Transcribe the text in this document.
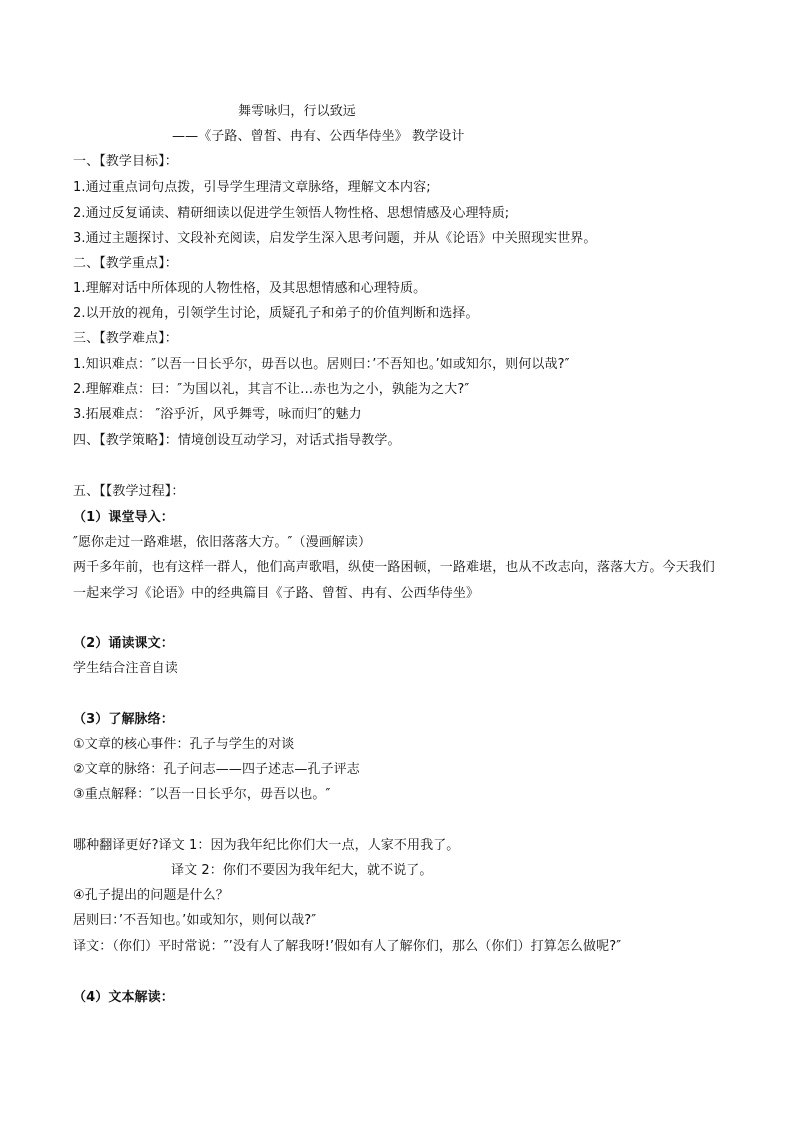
舞雩咏归，行以致远
——《子路、曾皙、冉有、公西华侍坐》 教学设计
一、【教学目标】：
1.通过重点词句点拨，引导学生理清文章脉络，理解文本内容;
2.通过反复诵读、精研细读以促进学生领悟人物性格、思想情感及心理特质;
3.通过主题探讨、文段补充阅读，启发学生深入思考问题，并从《论语》中关照现实世界。
二、【教学重点】：
1.理解对话中所体现的人物性格，及其思想情感和心理特质。
2.以开放的视角，引领学生讨论，质疑孔子和弟子的价值判断和选择。
三、【教学难点】：
1.知识难点：″以吾一日长乎尔，毋吾以也。居则曰：’不吾知也。’如或知尔，则何以哉?″
2.理解难点：曰：″为国以礼，其言不让…赤也为之小，孰能为之大?″
3.拓展难点： ″浴乎沂，风乎舞雩，咏而归″的魅力
四、【教学策略】：情境创设互动学习，对话式指导教学。
五、【【教学过程】：
（1）课堂导入：
″愿你走过一路难堪，依旧落落大方。″（漫画解读）
两千多年前，也有这样一群人，他们高声歌唱，纵使一路困顿，一路难堪，也从不改志向，落落大方。今天我们一起来学习《论语》中的经典篇目《子路、曾皙、冉有、公西华侍坐》
（2）诵读课文：
学生结合注音自读
（3）了解脉络：
①文章的核心事件：孔子与学生的对谈
②文章的脉络：孔子问志——四子述志—孔子评志
③重点解释：″以吾一日长乎尔，毋吾以也。″
哪种翻译更好?译文 1：因为我年纪比你们大一点，人家不用我了。
译文 2：你们不要因为我年纪大，就不说了。
④孔子提出的问题是什么？
居则曰：’不吾知也。’如或知尔，则何以哉?″
译文：（你们）平时常说：″’没有人了解我呀!’假如有人了解你们，那么（你们）打算怎么做呢?″
（4）文本解读：
